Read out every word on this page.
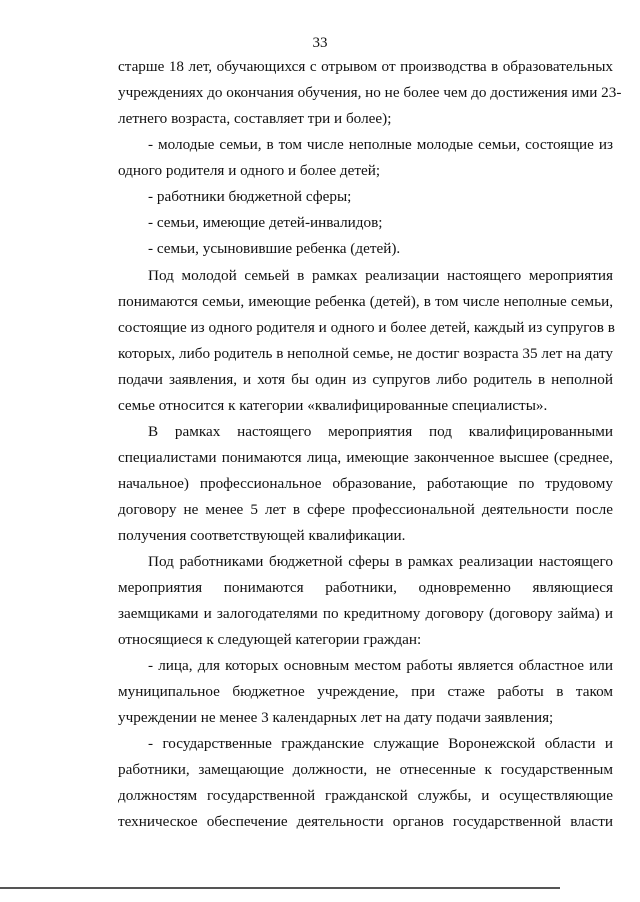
33
старше 18 лет, обучающихся с отрывом от производства в образовательных
учреждениях до окончания обучения, но не более чем до достижения ими 23-
летнего возраста, составляет три и более);
- молодые семьи, в том числе неполные молодые семьи, состоящие из
одного родителя и одного и более детей;
- работники бюджетной сферы;
- семьи, имеющие детей-инвалидов;
- семьи, усыновившие ребенка (детей).
Под молодой семьей в рамках реализации настоящего мероприятия
понимаются семьи, имеющие ребенка (детей), в том числе неполные семьи,
состоящие из одного родителя и одного и более детей, каждый из супругов в
которых, либо родитель в неполной семье, не достиг возраста 35 лет на дату
подачи заявления, и хотя бы один из супругов либо родитель в неполной
семье относится к категории «квалифицированные специалисты».
В рамках настоящего мероприятия под квалифицированными
специалистами понимаются лица, имеющие законченное высшее (среднее,
начальное) профессиональное образование, работающие по трудовому
договору не менее 5 лет в сфере профессиональной деятельности после
получения соответствующей квалификации.
Под работниками бюджетной сферы в рамках реализации настоящего
мероприятия понимаются работники, одновременно являющиеся
заемщиками и залогодателями по кредитному договору (договору займа) и
относящиеся к следующей категории граждан:
- лица, для которых основным местом работы является областное или
муниципальное бюджетное учреждение, при стаже работы в таком
учреждении не менее 3 календарных лет на дату подачи заявления;
- государственные гражданские служащие Воронежской области и
работники, замещающие должности, не отнесенные к государственным
должностям государственной гражданской службы, и осуществляющие
техническое обеспечение деятельности органов государственной власти
